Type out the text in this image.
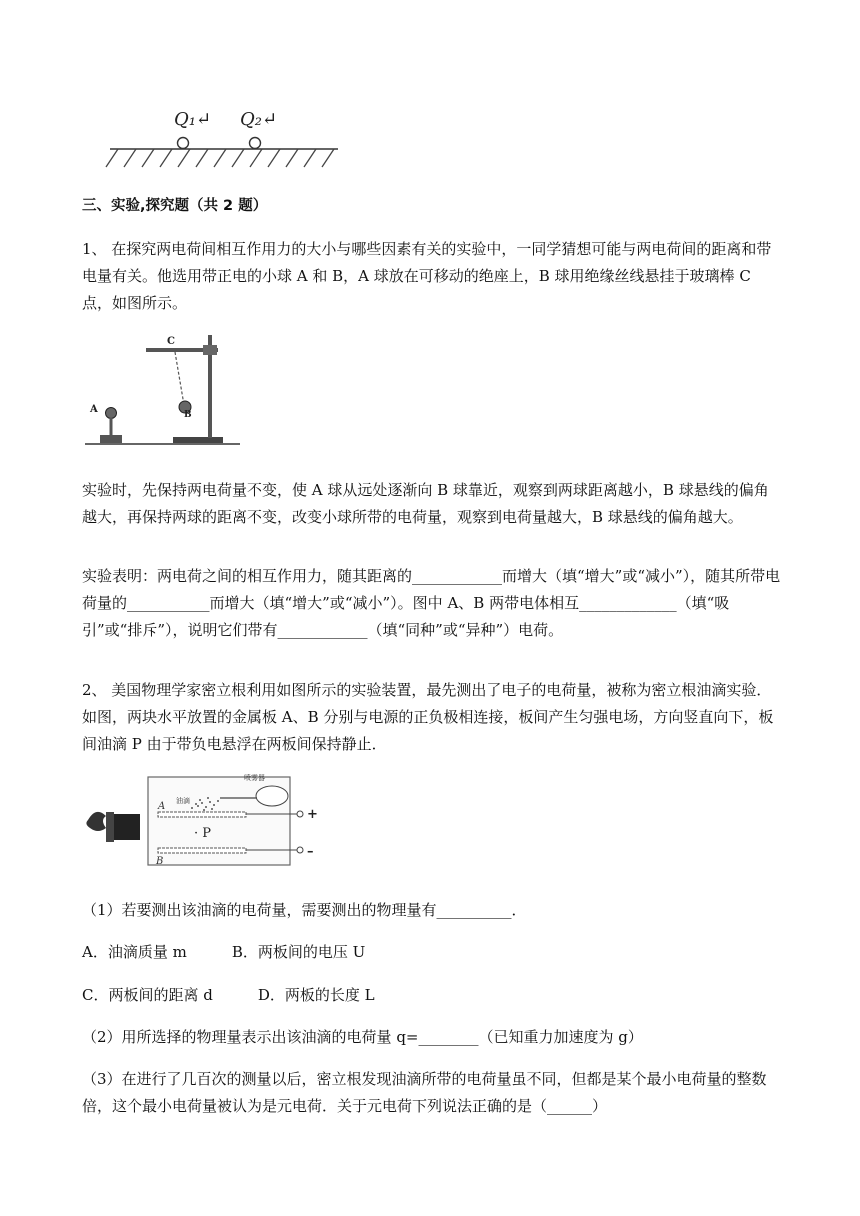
Q₁↵ Q₂↵
三、实验,探究题（共 2 题）
1、 在探究两电荷间相互作用力的大小与哪些因素有关的实验中，一同学猜想可能与两电荷间的距离和带电量有关。他选用带正电的小球 A 和 B，A 球放在可移动的绝座上，B 球用绝缘丝线悬挂于玻璃棒 C 点，如图所示。
C
B
A
实验时，先保持两电荷量不变，使 A 球从远处逐渐向 B 球靠近，观察到两球距离越小，B 球悬线的偏角越大，再保持两球的距离不变，改变小球所带的电荷量，观察到电荷量越大，B 球悬线的偏角越大。
实验表明：两电荷之间的相互作用力，随其距离的____________而增大（填“增大”或“减小”），随其所带电荷量的___________而增大（填“增大”或“减小”）。图中 A、B 两带电体相互_____________（填“吸引”或“排斥”），说明它们带有____________（填“同种”或“异种”）电荷。
2、 美国物理学家密立根利用如图所示的实验装置，最先测出了电子的电荷量，被称为密立根油滴实验．如图，两块水平放置的金属板 A、B 分别与电源的正负极相连接，板间产生匀强电场，方向竖直向下，板间油滴 P 由于带负电悬浮在两板间保持静止．
喷雾器
油滴
A
+
· P
B
–
（1）若要测出该油滴的电荷量，需要测出的物理量有__________．
A．油滴质量 m　　　B．两板间的电压 U
C．两板间的距离 d　　　D．两板的长度 L
（2）用所选择的物理量表示出该油滴的电荷量 q=________（已知重力加速度为 g）
（3）在进行了几百次的测量以后，密立根发现油滴所带的电荷量虽不同，但都是某个最小电荷量的整数倍，这个最小电荷量被认为是元电荷．关于元电荷下列说法正确的是（______）
